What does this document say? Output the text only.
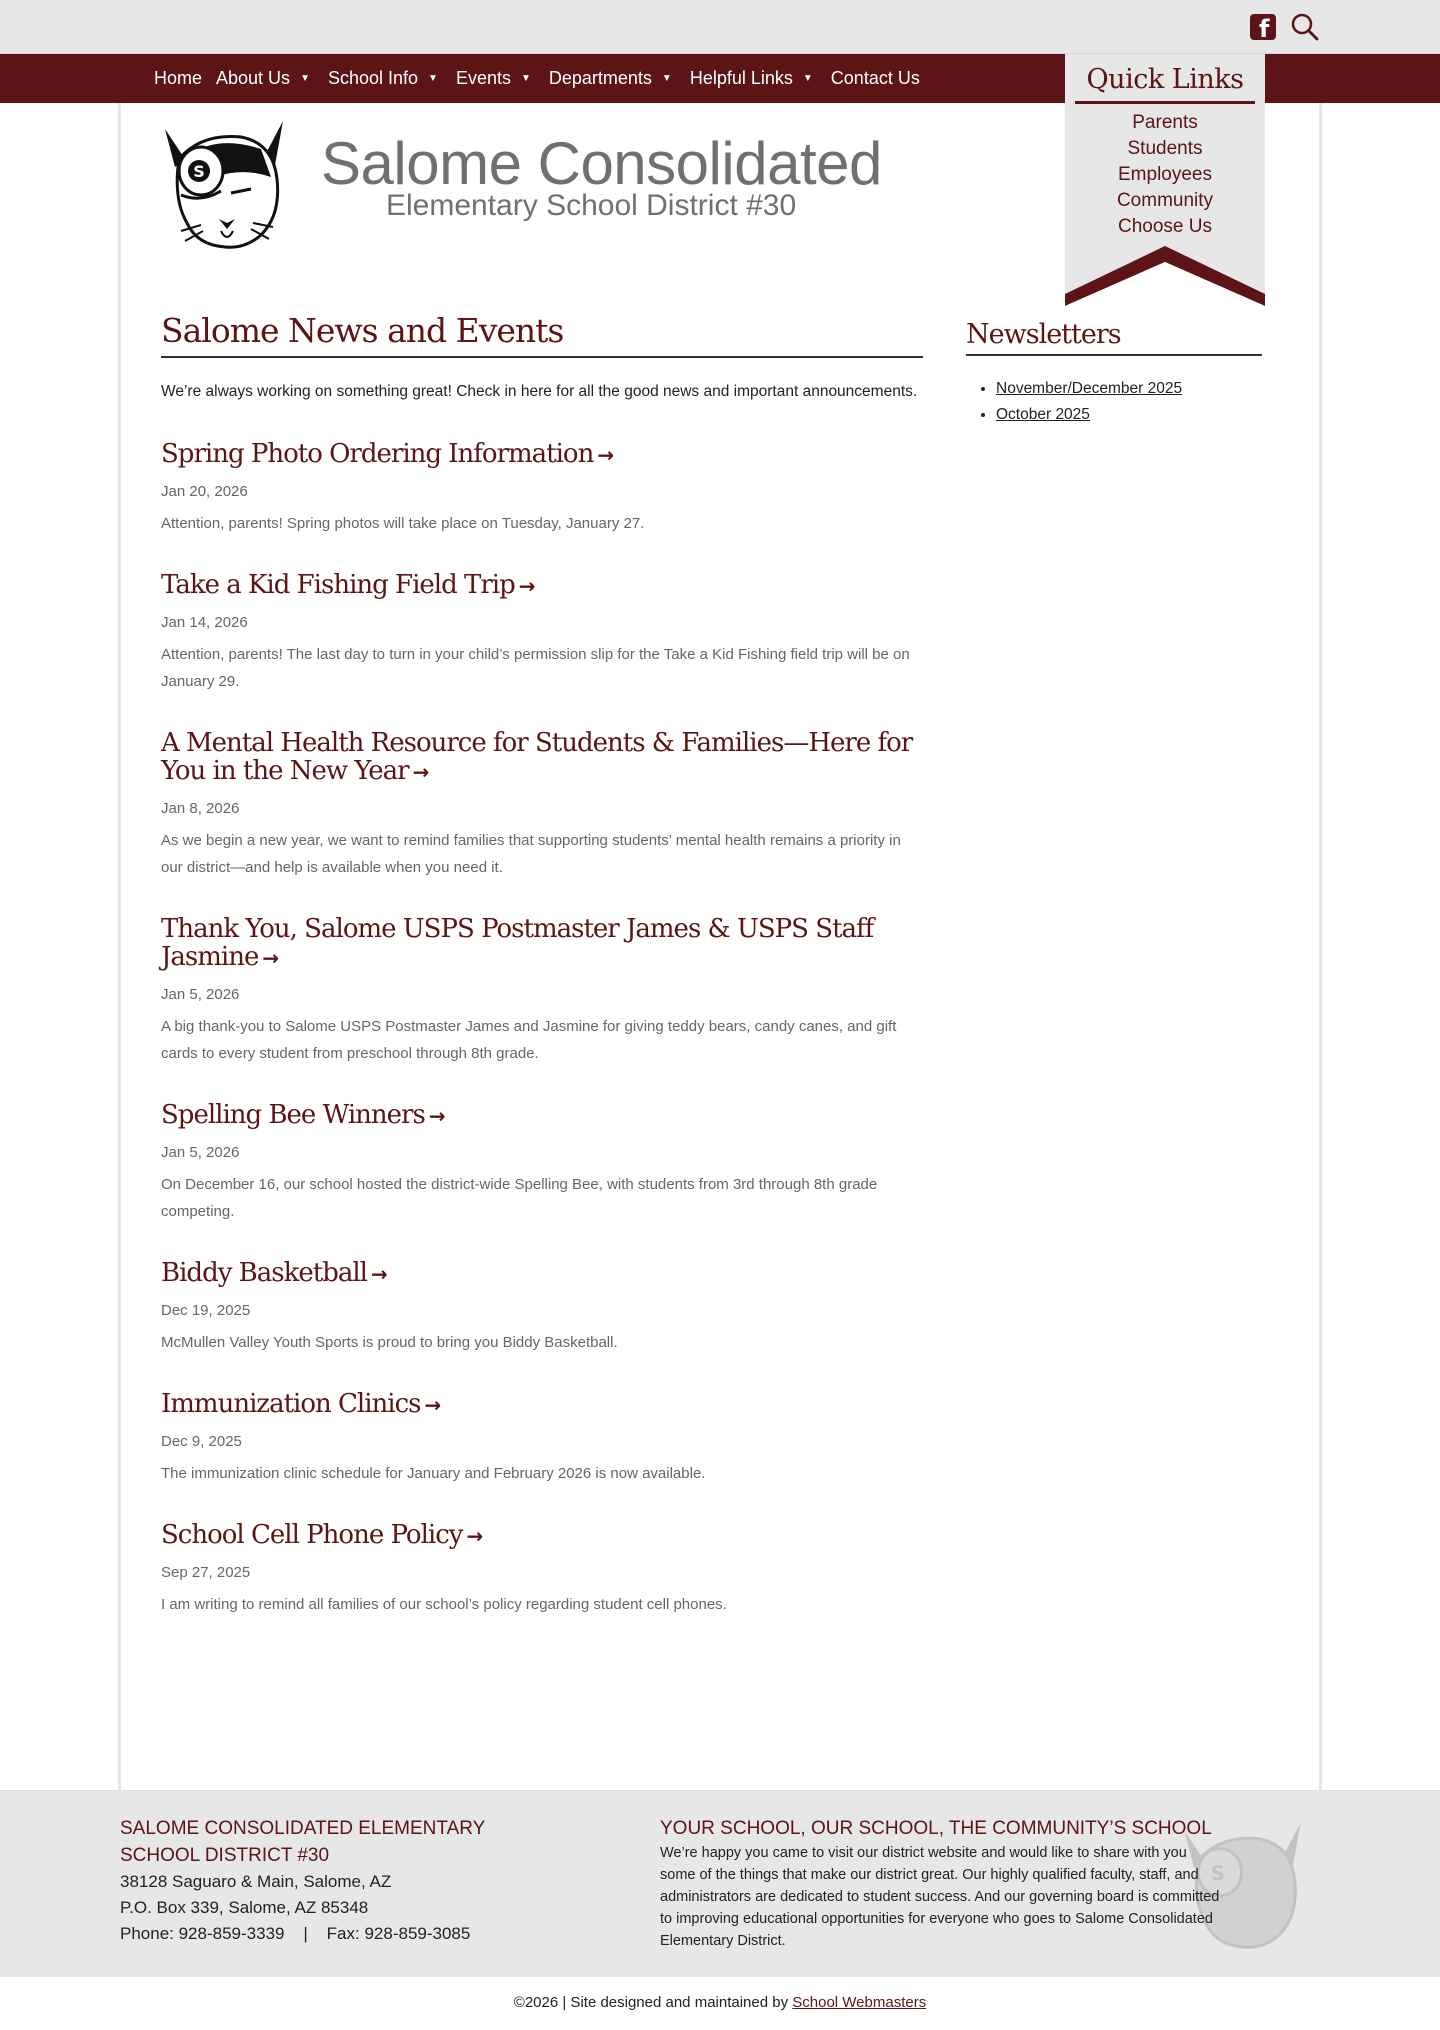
f
Home About Us ▼ School Info ▼ Events ▼ Departments ▼ Helpful Links ▼ Contact Us
S Salome Consolidated
Elementary School District #30
Salome News and Events

We’re always working on something great! Check in here for all the good news and important announcements.

Spring Photo Ordering Information →
Jan 20, 2026

Attention, parents! Spring photos will take place on Tuesday, January 27.

Take a Kid Fishing Field Trip →
Jan 14, 2026

Attention, parents! The last day to turn in your child’s permission slip for the Take a Kid Fishing field trip will be on January 29.

A Mental Health Resource for Students & Families—Here for You in the New Year →
Jan 8, 2026

As we begin a new year, we want to remind families that supporting students’ mental health remains a priority in our district—and help is available when you need it.

Thank You, Salome USPS Postmaster James & USPS Staff Jasmine →
Jan 5, 2026

A big thank-you to Salome USPS Postmaster James and Jasmine for giving teddy bears, candy canes, and gift cards to every student from preschool through 8th grade.

Spelling Bee Winners →
Jan 5, 2026

On December 16, our school hosted the district-wide Spelling Bee, with students from 3rd through 8th grade competing.

Biddy Basketball →
Dec 19, 2025

McMullen Valley Youth Sports is proud to bring you Biddy Basketball.

Immunization Clinics →
Dec 9, 2025

The immunization clinic schedule for January and February 2026 is now available.

School Cell Phone Policy →
Sep 27, 2025

I am writing to remind all families of our school’s policy regarding student cell phones.

Newsletters
• November/December 2025
• October 2025
Quick Links
Parents
Students
Employees
Community
Choose Us
SALOME CONSOLIDATED ELEMENTARY
SCHOOL DISTRICT #30
38128 Saguaro & Main, Salome, AZ
P.O. Box 339, Salome, AZ 85348
Phone: 928-859-3339    |    Fax: 928-859-3085
YOUR SCHOOL, OUR SCHOOL, THE COMMUNITY’S SCHOOL

We’re happy you came to visit our district website and would like to share with you some of the things that make our district great. Our highly qualified faculty, staff, and administrators are dedicated to student success. And our governing board is committed to improving educational opportunities for everyone who goes to Salome Consolidated Elementary District.

S
©2026 | Site designed and maintained by School Webmasters
